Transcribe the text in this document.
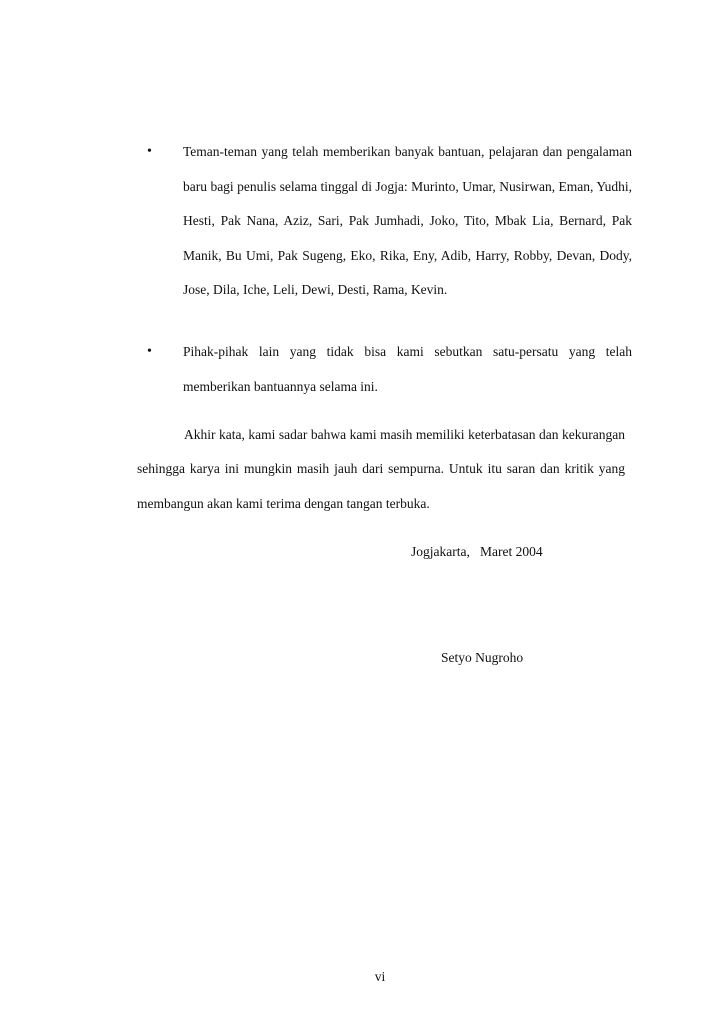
• Teman-teman yang telah memberikan banyak bantuan, pelajaran dan pengalaman baru bagi penulis selama tinggal di Jogja: Murinto, Umar, Nusirwan, Eman, Yudhi, Hesti, Pak Nana, Aziz, Sari, Pak Jumhadi, Joko, Tito, Mbak Lia, Bernard, Pak Manik, Bu Umi, Pak Sugeng, Eko, Rika, Eny, Adib, Harry, Robby, Devan, Dody, Jose, Dila, Iche, Leli, Dewi, Desti, Rama, Kevin.
• Pihak-pihak lain yang tidak bisa kami sebutkan satu-persatu yang telah memberikan bantuannya selama ini.

Akhir kata, kami sadar bahwa kami masih memiliki keterbatasan dan kekurangan sehingga karya ini mungkin masih jauh dari sempurna. Untuk itu saran dan kritik yang membangun akan kami terima dengan tangan terbuka.

Jogjakarta,   Maret 2004
Setyo Nugroho
vi
